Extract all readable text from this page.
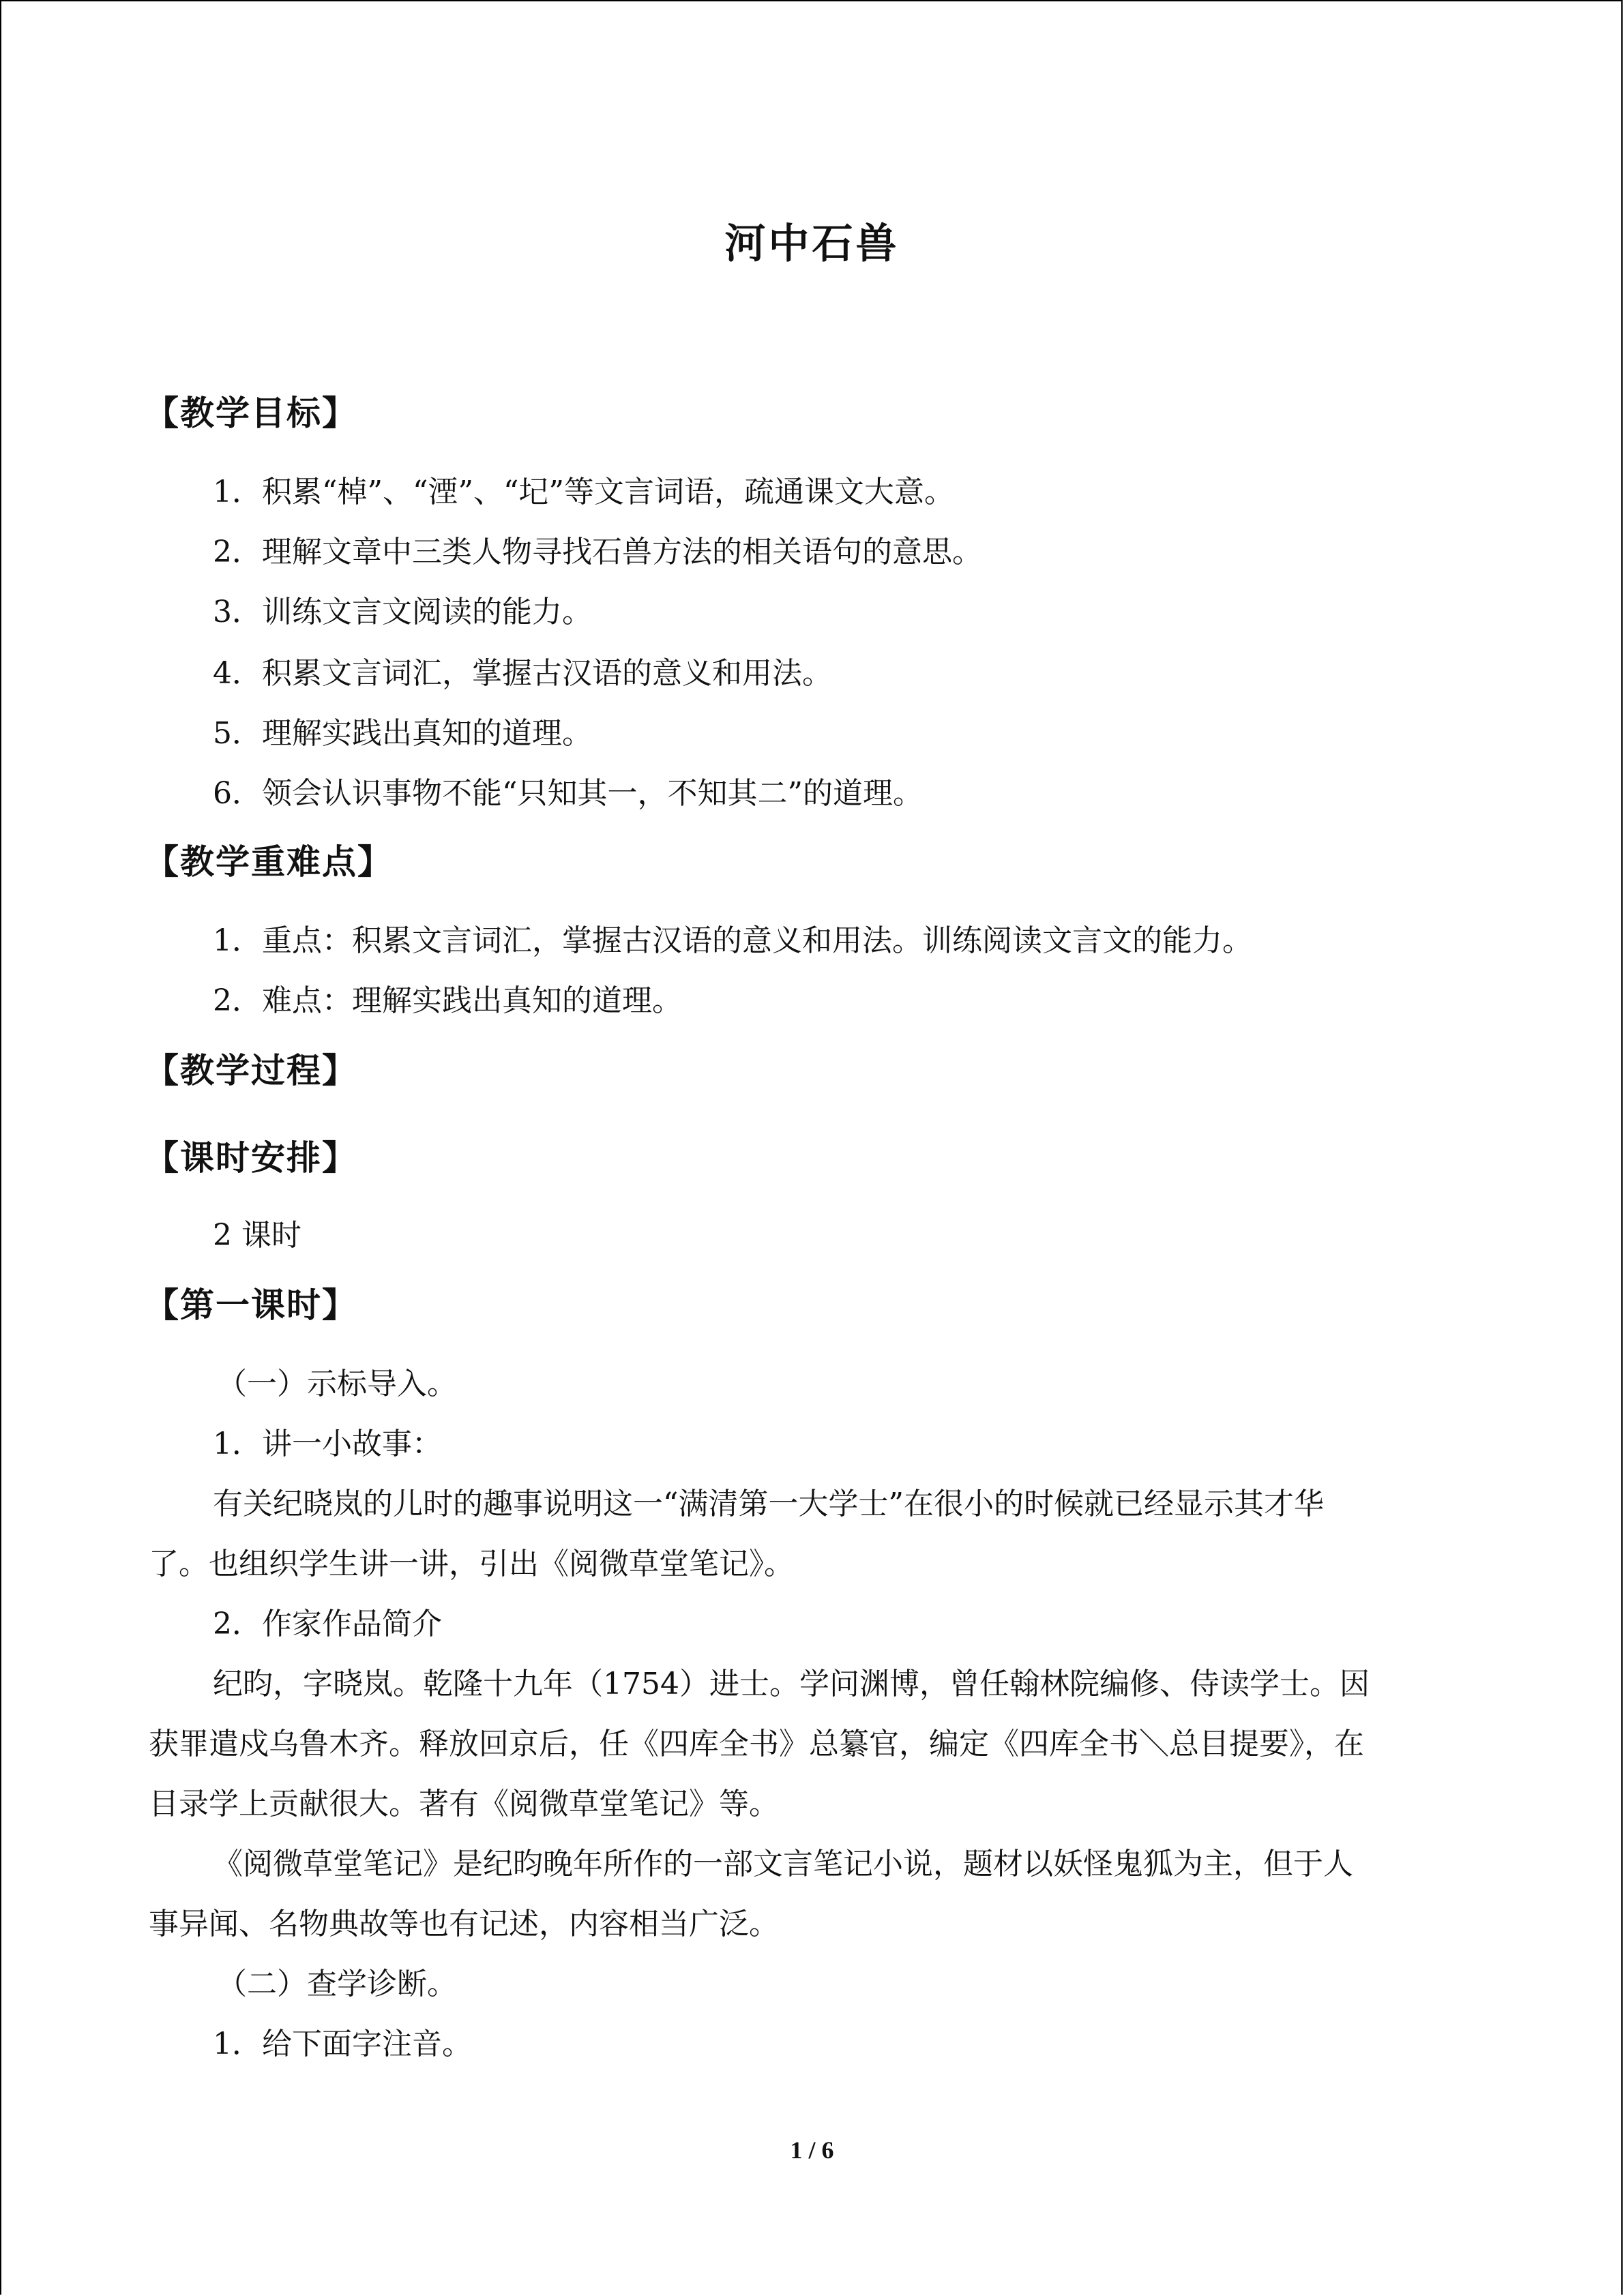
河中石兽
【教学目标】
1．积累“棹”、“湮”、“圮”等文言词语，疏通课文大意。
2．理解文章中三类人物寻找石兽方法的相关语句的意思。
3．训练文言文阅读的能力。
4．积累文言词汇，掌握古汉语的意义和用法。
5．理解实践出真知的道理。
6．领会认识事物不能“只知其一，不知其二”的道理。
【教学重难点】
1．重点：积累文言词汇，掌握古汉语的意义和用法。训练阅读文言文的能力。
2．难点：理解实践出真知的道理。
【教学过程】
【课时安排】
2 课时
【第一课时】
（一）示标导入。
1．讲一小故事：
有关纪晓岚的儿时的趣事说明这一“满清第一大学士”在很小的时候就已经显示其才华
了。也组织学生讲一讲，引出《阅微草堂笔记》。
2．作家作品简介
纪昀，字晓岚。乾隆十九年（1754）进士。学问渊博，曾任翰林院编修、侍读学士。因
获罪遣戍乌鲁木齐。释放回京后，任《四库全书》总纂官，编定《四库全书＼总目提要》，在
目录学上贡献很大。著有《阅微草堂笔记》等。
《阅微草堂笔记》是纪昀晚年所作的一部文言笔记小说，题材以妖怪鬼狐为主，但于人
事异闻、名物典故等也有记述，内容相当广泛。
（二）查学诊断。
1．给下面字注音。
1 / 6
